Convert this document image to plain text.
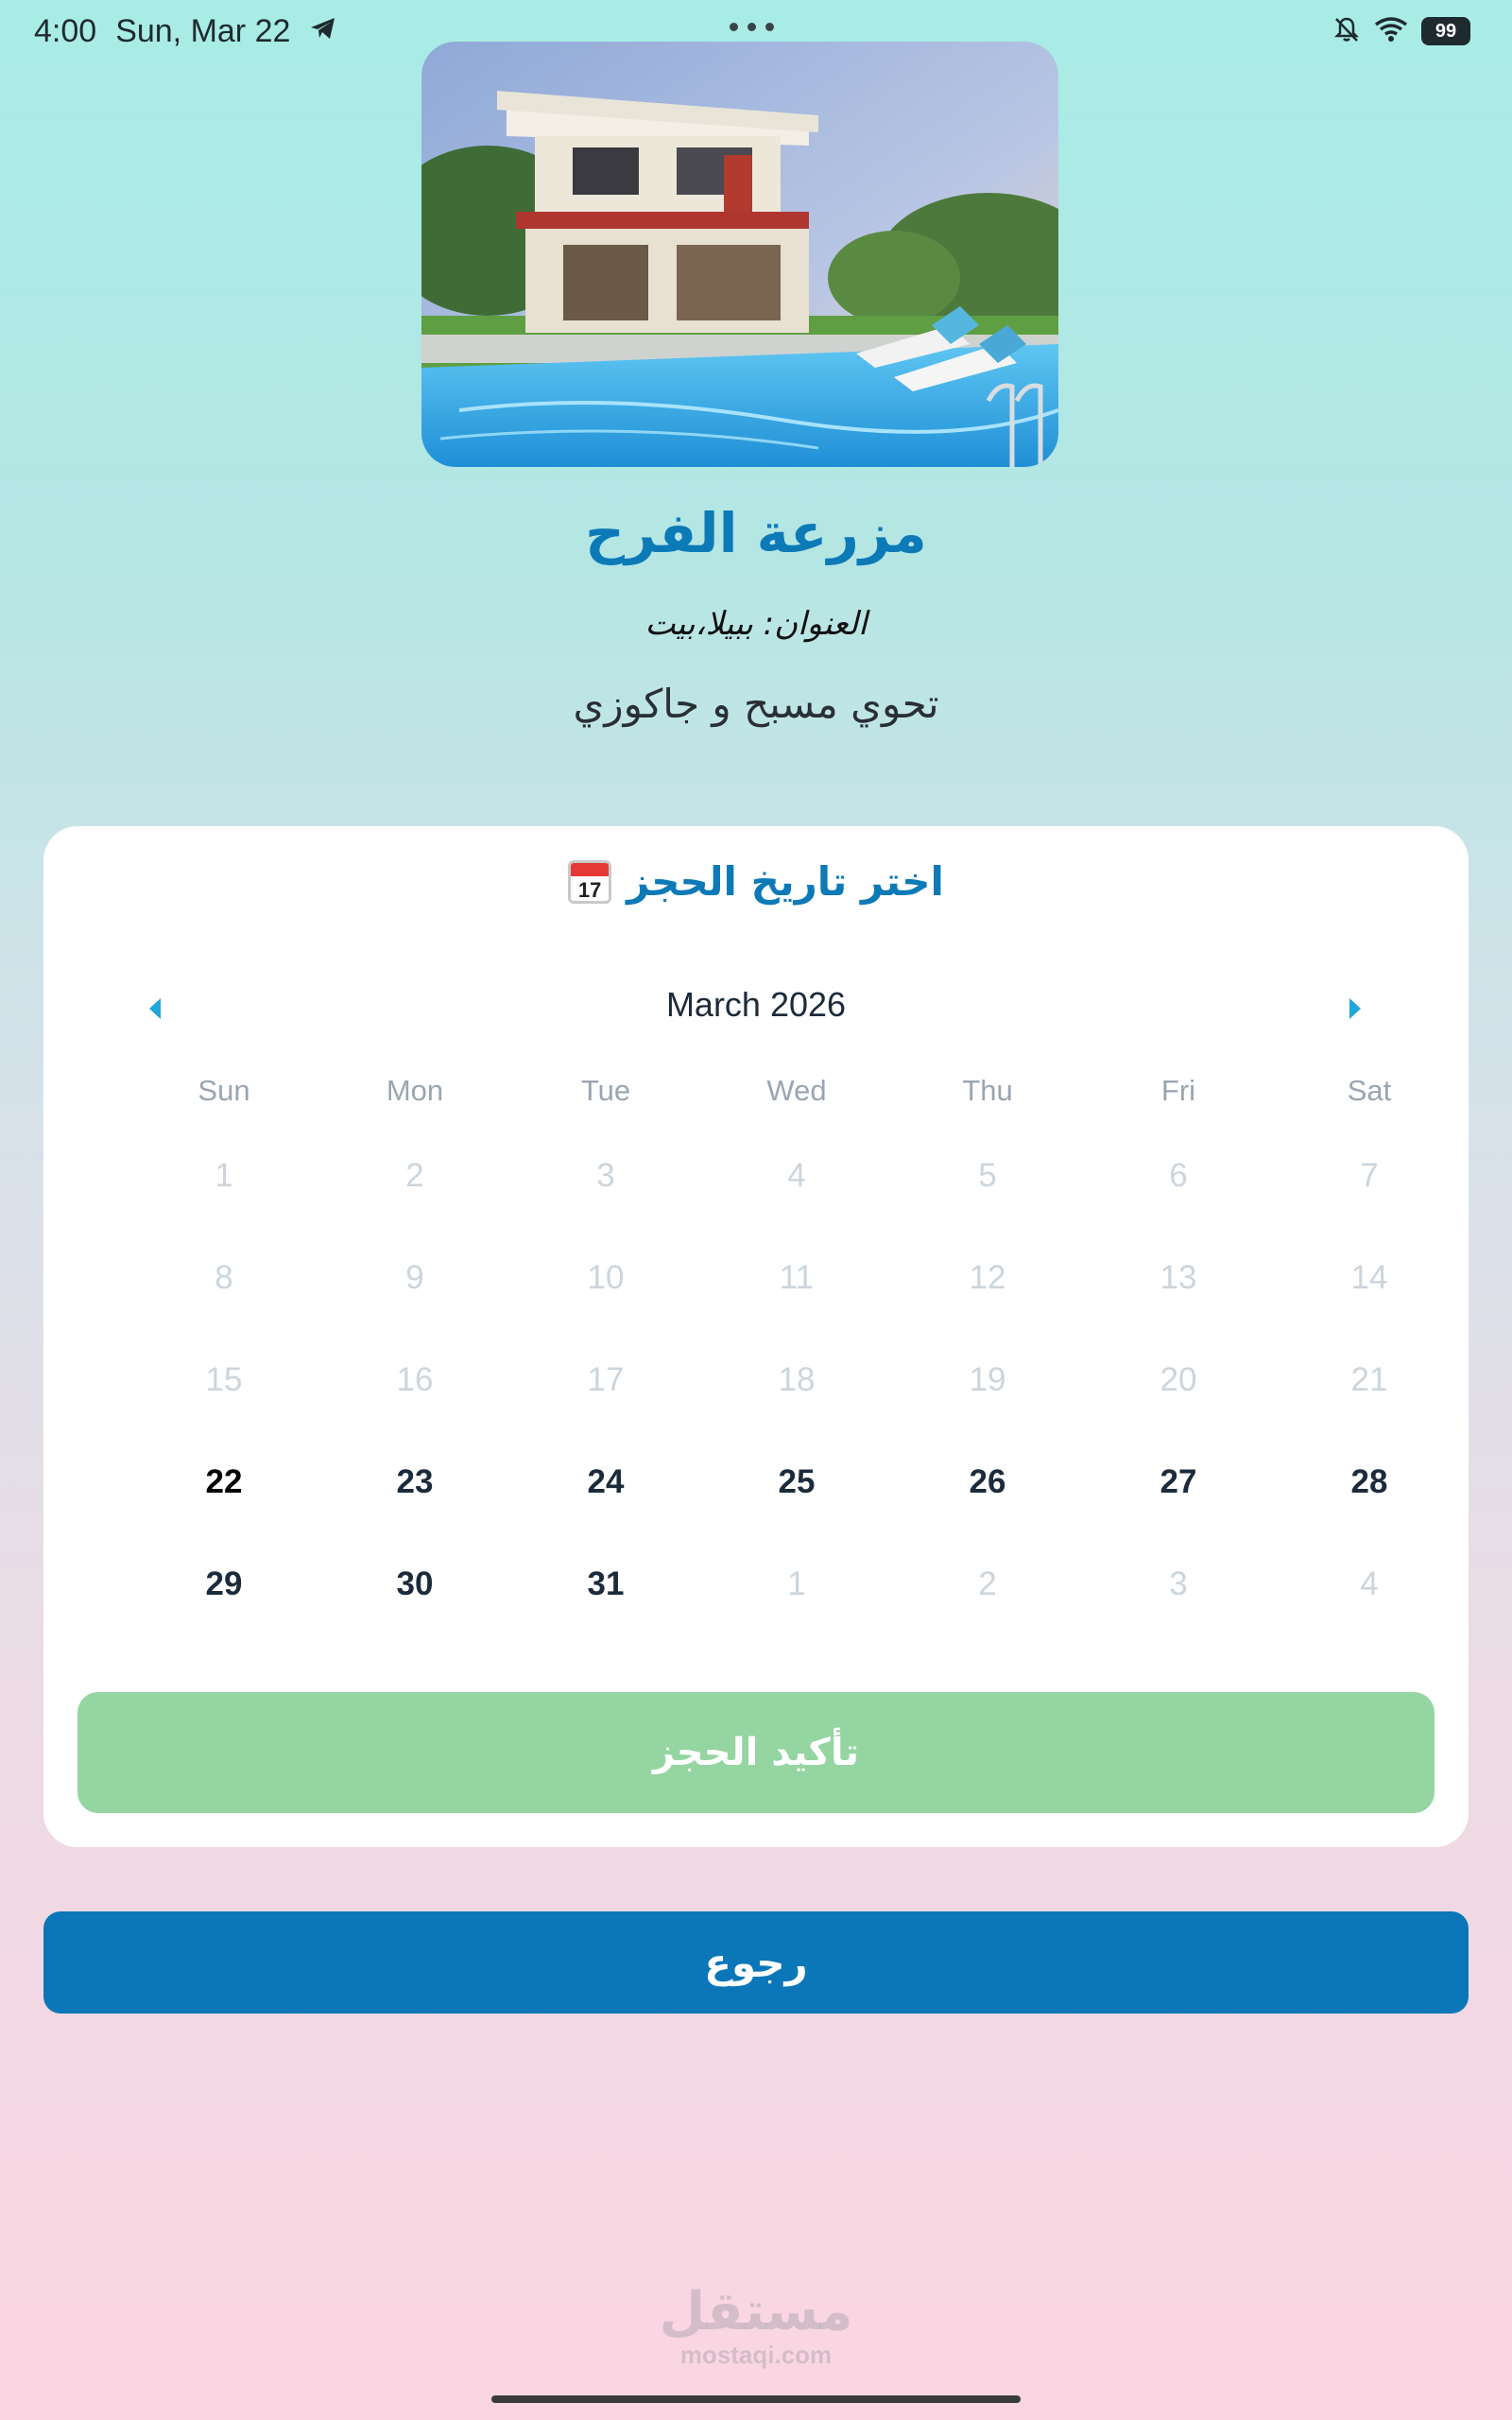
4:00 Sun, Mar 22	99
مزرعة الفرح
العنوان: ببيلا،بيت
تحوي مسبح و جاكوزي
اختر تاريخ الحجز
17
March 2026
Sun	Mon	Tue	Wed	Thu	Fri	Sat
1	2	3	4	5	6	7
8	9	10	11	12	13	14
15	16	17	18	19	20	21
22	23	24	25	26	27	28
29	30	31	1	2	3	4
تأكيد الحجز
رجوع
مستقل
mostaqi.com
